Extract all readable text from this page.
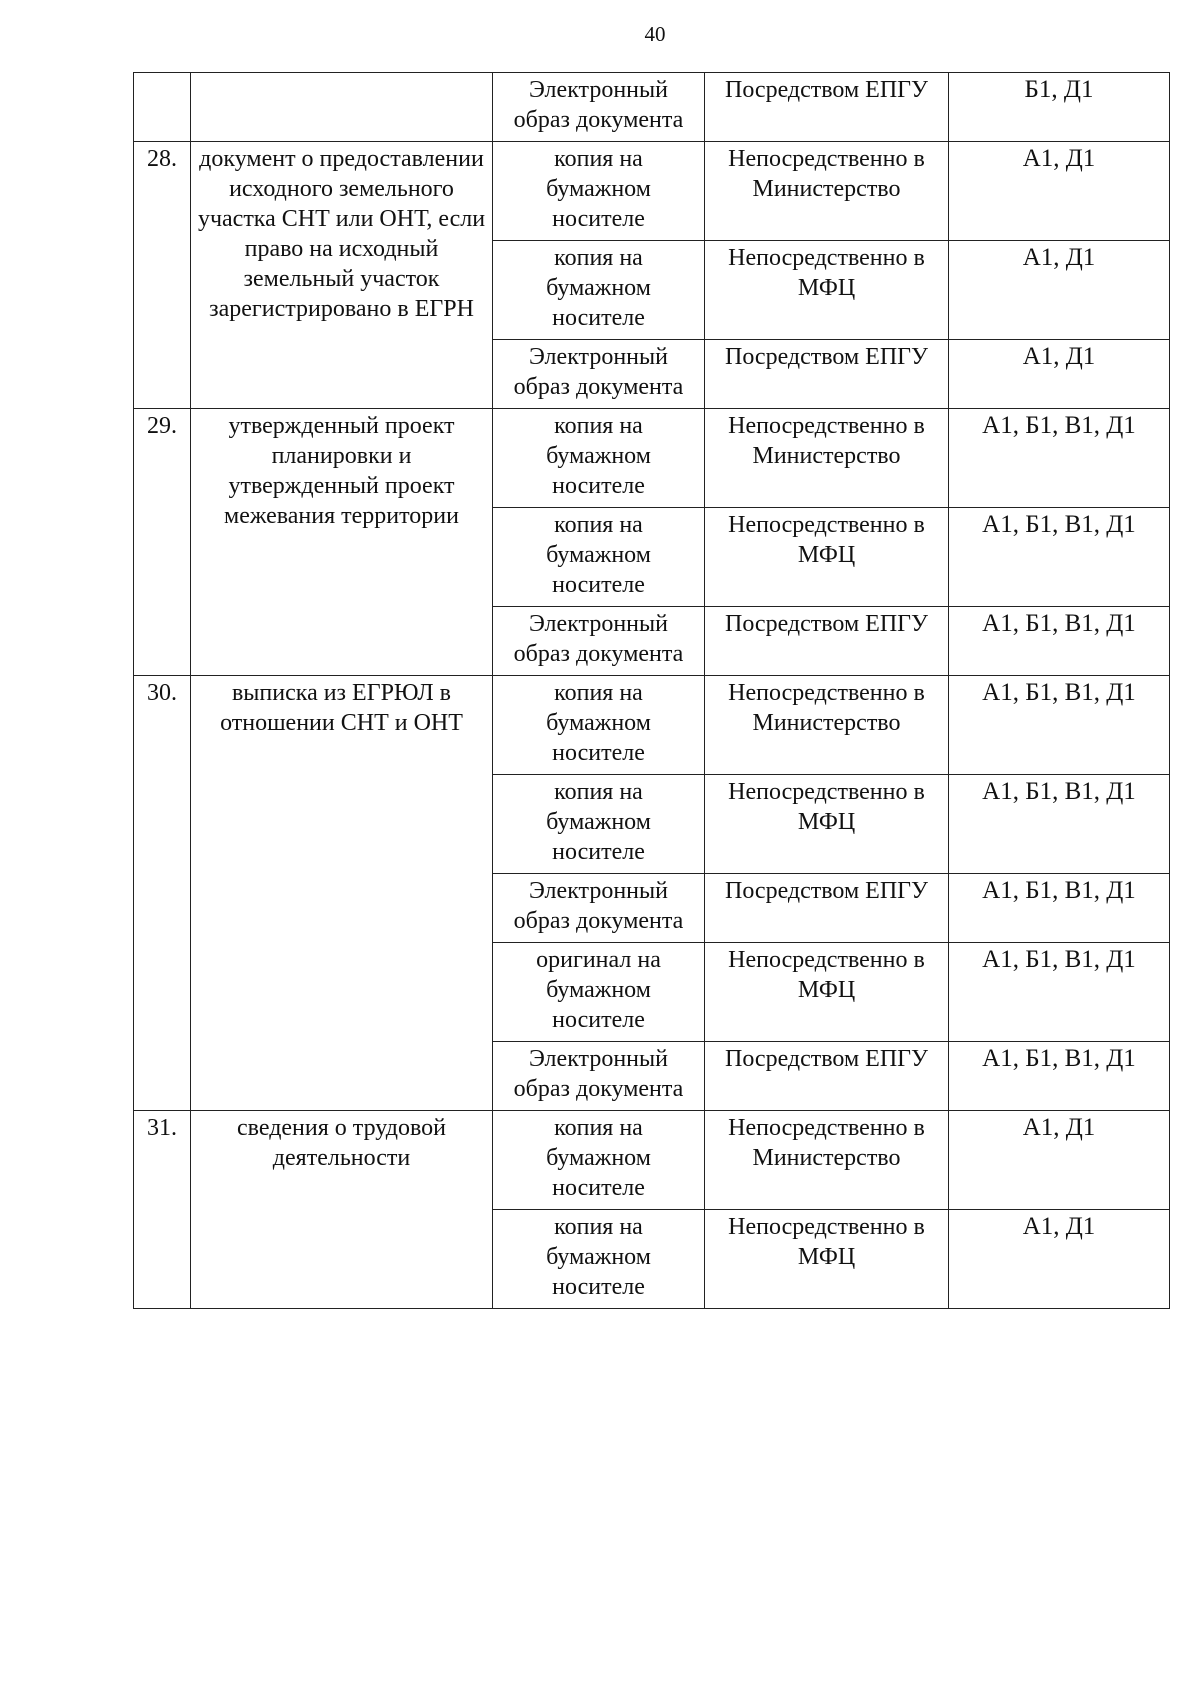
40
		Электронный образ документа	Посредством ЕПГУ	Б1, Д1
28.	документ о предоставлении исходного земельного участка СНТ или ОНТ, если право на исходный земельный участок зарегистрировано в ЕГРН	копия на бумажном носителе	Непосредственно в Министерство	А1, Д1
		копия на бумажном носителе	Непосредственно в МФЦ	А1, Д1
		Электронный образ документа	Посредством ЕПГУ	А1, Д1
29.	утвержденный проект планировки и утвержденный проект межевания территории	копия на бумажном носителе	Непосредственно в Министерство	А1, Б1, В1, Д1
		копия на бумажном носителе	Непосредственно в МФЦ	А1, Б1, В1, Д1
		Электронный образ документа	Посредством ЕПГУ	А1, Б1, В1, Д1
30.	выписка из ЕГРЮЛ в отношении СНТ и ОНТ	копия на бумажном носителе	Непосредственно в Министерство	А1, Б1, В1, Д1
		копия на бумажном носителе	Непосредственно в МФЦ	А1, Б1, В1, Д1
		Электронный образ документа	Посредством ЕПГУ	А1, Б1, В1, Д1
		оригинал на бумажном носителе	Непосредственно в МФЦ	А1, Б1, В1, Д1
		Электронный образ документа	Посредством ЕПГУ	А1, Б1, В1, Д1
31.	сведения о трудовой деятельности	копия на бумажном носителе	Непосредственно в Министерство	А1, Д1
		копия на бумажном носителе	Непосредственно в МФЦ	А1, Д1
